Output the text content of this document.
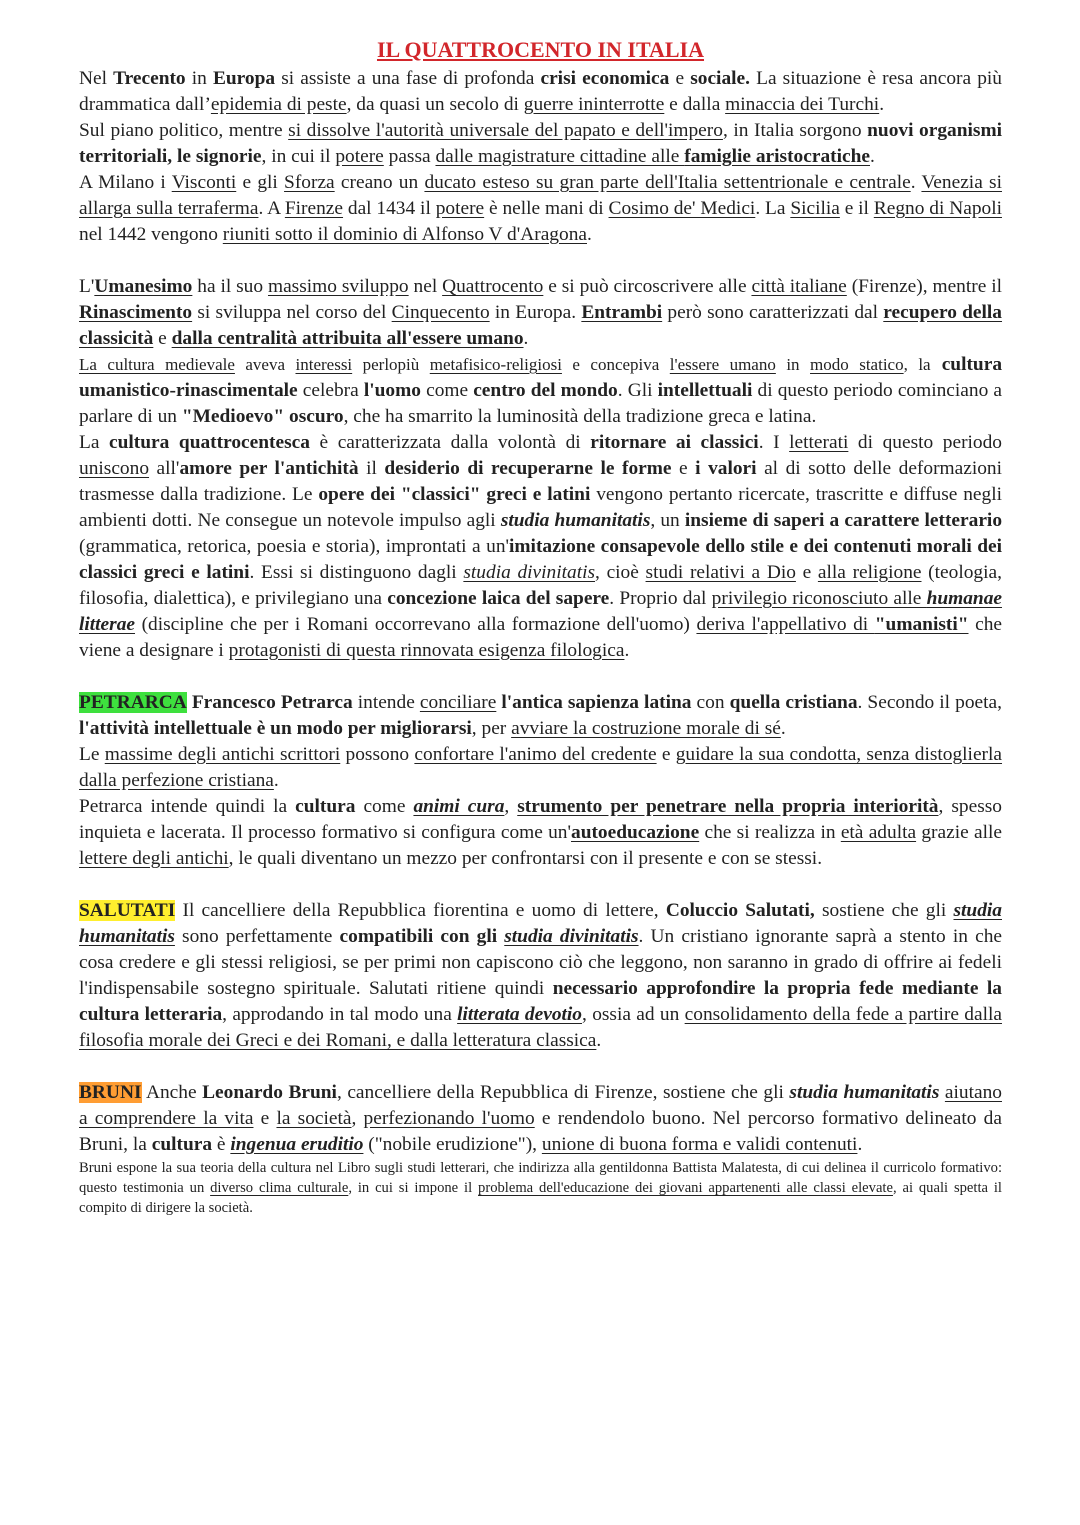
IL QUATTROCENTO IN ITALIA

Nel Trecento in Europa si assiste a una fase di profonda crisi economica e sociale. La situazione è resa ancora più drammatica dall’epidemia di peste, da quasi un secolo di guerre ininterrotte e dalla minaccia dei Turchi.

Sul piano politico, mentre si dissolve l'autorità universale del papato e dell'impero, in Italia sorgono nuovi organismi territoriali, le signorie, in cui il potere passa dalle magistrature cittadine alle famiglie aristocratiche.

A Milano i Visconti e gli Sforza creano un ducato esteso su gran parte dell'Italia settentrionale e centrale. Venezia si allarga sulla terraferma. A Firenze dal 1434 il potere è nelle mani di Cosimo de' Medici. La Sicilia e il Regno di Napoli nel 1442 vengono riuniti sotto il dominio di Alfonso V d'Aragona.

L'Umanesimo ha il suo massimo sviluppo nel Quattrocento e si può circoscrivere alle città italiane (Firenze), mentre il Rinascimento si sviluppa nel corso del Cinquecento in Europa. Entrambi però sono caratterizzati dal recupero della classicità e dalla centralità attribuita all'essere umano.

La cultura medievale aveva interessi perlopiù metafisico-religiosi e concepiva l'essere umano in modo statico, la cultura umanistico-rinascimentale celebra l'uomo come centro del mondo. Gli intellettuali di questo periodo cominciano a parlare di un "Medioevo" oscuro, che ha smarrito la luminosità della tradizione greca e latina.

La cultura quattrocentesca è caratterizzata dalla volontà di ritornare ai classici. I letterati di questo periodo uniscono all'amore per l'antichità il desiderio di recuperarne le forme e i valori al di sotto delle deformazioni trasmesse dalla tradizione. Le opere dei "classici" greci e latini vengono pertanto ricercate, trascritte e diffuse negli ambienti dotti. Ne consegue un notevole impulso agli studia humanitatis, un insieme di saperi a carattere letterario (grammatica, retorica, poesia e storia), improntati a un'imitazione consapevole dello stile e dei contenuti morali dei classici greci e latini. Essi si distinguono dagli studia divinitatis, cioè studi relativi a Dio e alla religione (teologia, filosofia, dialettica), e privilegiano una concezione laica del sapere. Proprio dal privilegio riconosciuto alle humanae litterae (discipline che per i Romani occorrevano alla formazione dell'uomo) deriva l'appellativo di "umanisti" che viene a designare i protagonisti di questa rinnovata esigenza filologica.

PETRARCA Francesco Petrarca intende conciliare l'antica sapienza latina con quella cristiana. Secondo il poeta, l'attività intellettuale è un modo per migliorarsi, per avviare la costruzione morale di sé.

Le massime degli antichi scrittori possono confortare l'animo del credente e guidare la sua condotta, senza distoglierla dalla perfezione cristiana.

Petrarca intende quindi la cultura come animi cura, strumento per penetrare nella propria interiorità, spesso inquieta e lacerata. Il processo formativo si configura come un'autoeducazione che si realizza in età adulta grazie alle lettere degli antichi, le quali diventano un mezzo per confrontarsi con il presente e con se stessi.

SALUTATI Il cancelliere della Repubblica fiorentina e uomo di lettere, Coluccio Salutati, sostiene che gli studia humanitatis sono perfettamente compatibili con gli studia divinitatis. Un cristiano ignorante saprà a stento in che cosa credere e gli stessi religiosi, se per primi non capiscono ciò che leggono, non saranno in grado di offrire ai fedeli l'indispensabile sostegno spirituale. Salutati ritiene quindi necessario approfondire la propria fede mediante la cultura letteraria, approdando in tal modo una litterata devotio, ossia ad un consolidamento della fede a partire dalla filosofia morale dei Greci e dei Romani, e dalla letteratura classica.

BRUNI Anche Leonardo Bruni, cancelliere della Repubblica di Firenze, sostiene che gli studia humanitatis aiutano a comprendere la vita e la società, perfezionando l'uomo e rendendolo buono. Nel percorso formativo delineato da Bruni, la cultura è ingenua eruditio ("nobile erudizione"), unione di buona forma e validi contenuti.

Bruni espone la sua teoria della cultura nel Libro sugli studi letterari, che indirizza alla gentildonna Battista Malatesta, di cui delinea il curricolo formativo: questo testimonia un diverso clima culturale, in cui si impone il problema dell'educazione dei giovani appartenenti alle classi elevate, ai quali spetta il compito di dirigere la società.
